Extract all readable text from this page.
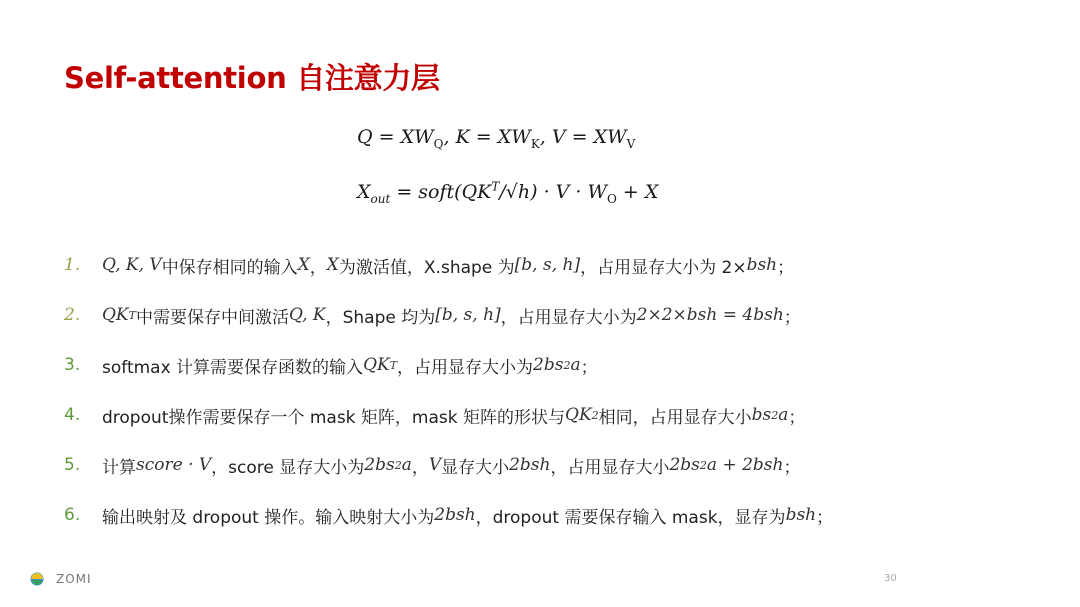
Self-attention 自注意力层
$Q = XW_Q$, $K = XW_K$, $V = XW_V$
$X_{out}$ = $soft(QK^T/√h) \cdot V \cdot W_O + X$
1.	Q, K, V 中保存相同的输入 X ， X 为激活值，X.shape 为 [b, s, h] ，占用显存大小为 2× bsh ；
2.	QK T 中需要保存中间激活 Q, K ，Shape 均为 [b, s, h] ，占用显存大小为 2×2×bsh = 4bsh ；
3.	softmax 计算需要保存函数的输入 QK T ，占用显存大小为 2bs 2 a ；
4.	dropout操作需要保存一个 mask 矩阵，mask 矩阵的形状与 QK 2 相同，占用显存大小 bs 2 a ；
5.	计算 score · V ，score 显存大小为 2bs 2 a ， V 显存大小 2bsh ，占用显存大小 2bs 2 a + 2bsh ；
6.	输出映射及 dropout 操作。输入映射大小为 2bsh ，dropout 需要保存输入 mask，显存为 bsh ；
ZOMI	30
